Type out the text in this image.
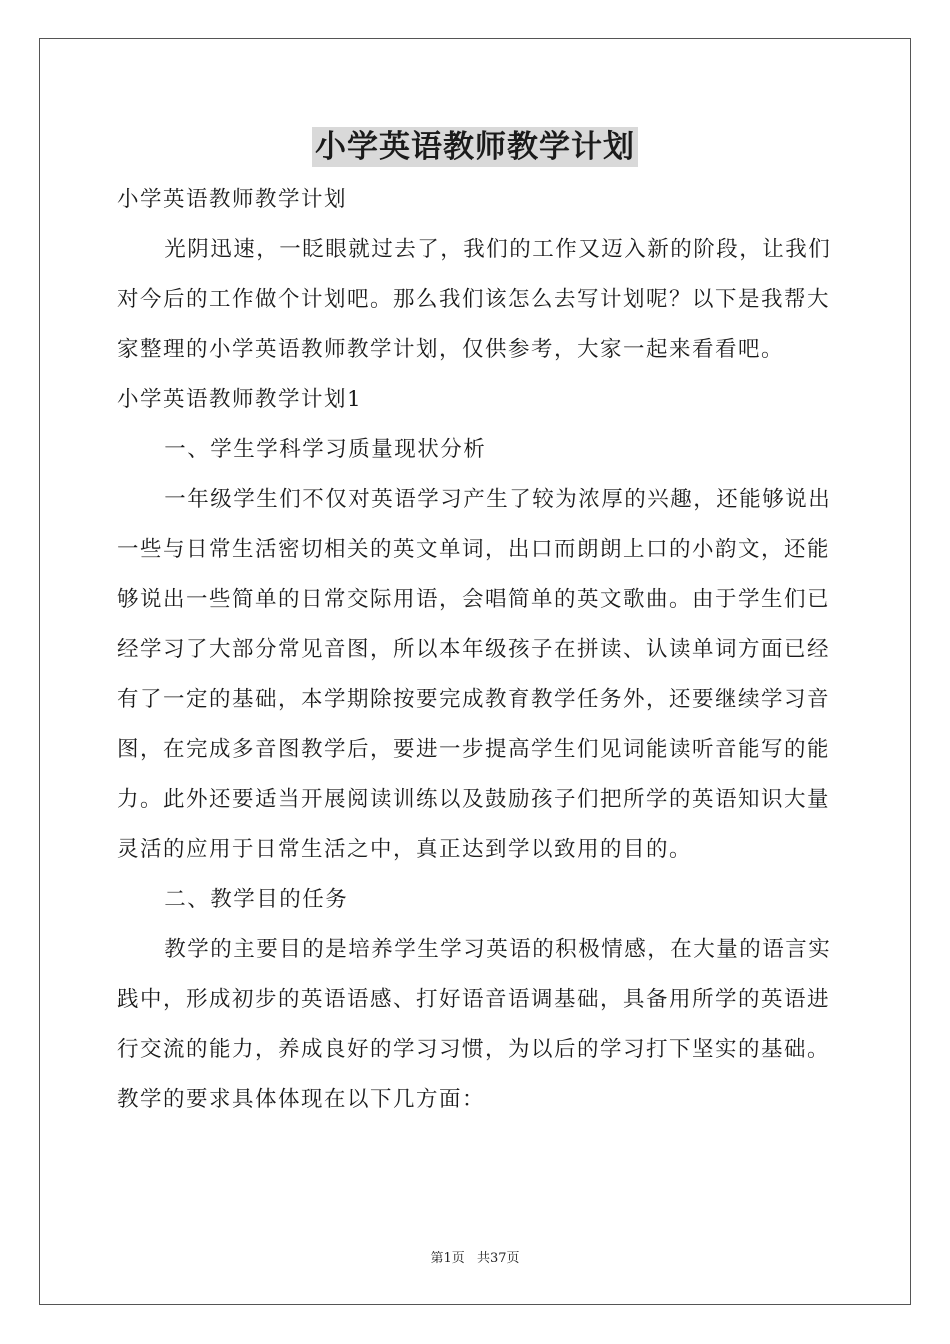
小学英语教师教学计划

小学英语教师教学计划

光阴迅速，一眨眼就过去了，我们的工作又迈入新的阶段，让我们对今后的工作做个计划吧。那么我们该怎么去写计划呢？以下是我帮大家整理的小学英语教师教学计划，仅供参考，大家一起来看看吧。

小学英语教师教学计划1

一、学生学科学习质量现状分析

一年级学生们不仅对英语学习产生了较为浓厚的兴趣，还能够说出一些与日常生活密切相关的英文单词，出口而朗朗上口的小韵文，还能够说出一些简单的日常交际用语，会唱简单的英文歌曲。由于学生们已经学习了大部分常见音图，所以本年级孩子在拼读、认读单词方面已经有了一定的基础，本学期除按要完成教育教学任务外，还要继续学习音图，在完成多音图教学后，要进一步提高学生们见词能读听音能写的能力。此外还要适当开展阅读训练以及鼓励孩子们把所学的英语知识大量灵活的应用于日常生活之中，真正达到学以致用的目的。

二、教学目的任务

教学的主要目的是培养学生学习英语的积极情感，在大量的语言实践中，形成初步的英语语感、打好语音语调基础，具备用所学的英语进行交流的能力，养成良好的学习习惯，为以后的学习打下坚实的基础。教学的要求具体体现在以下几方面：

第1页 共37页
